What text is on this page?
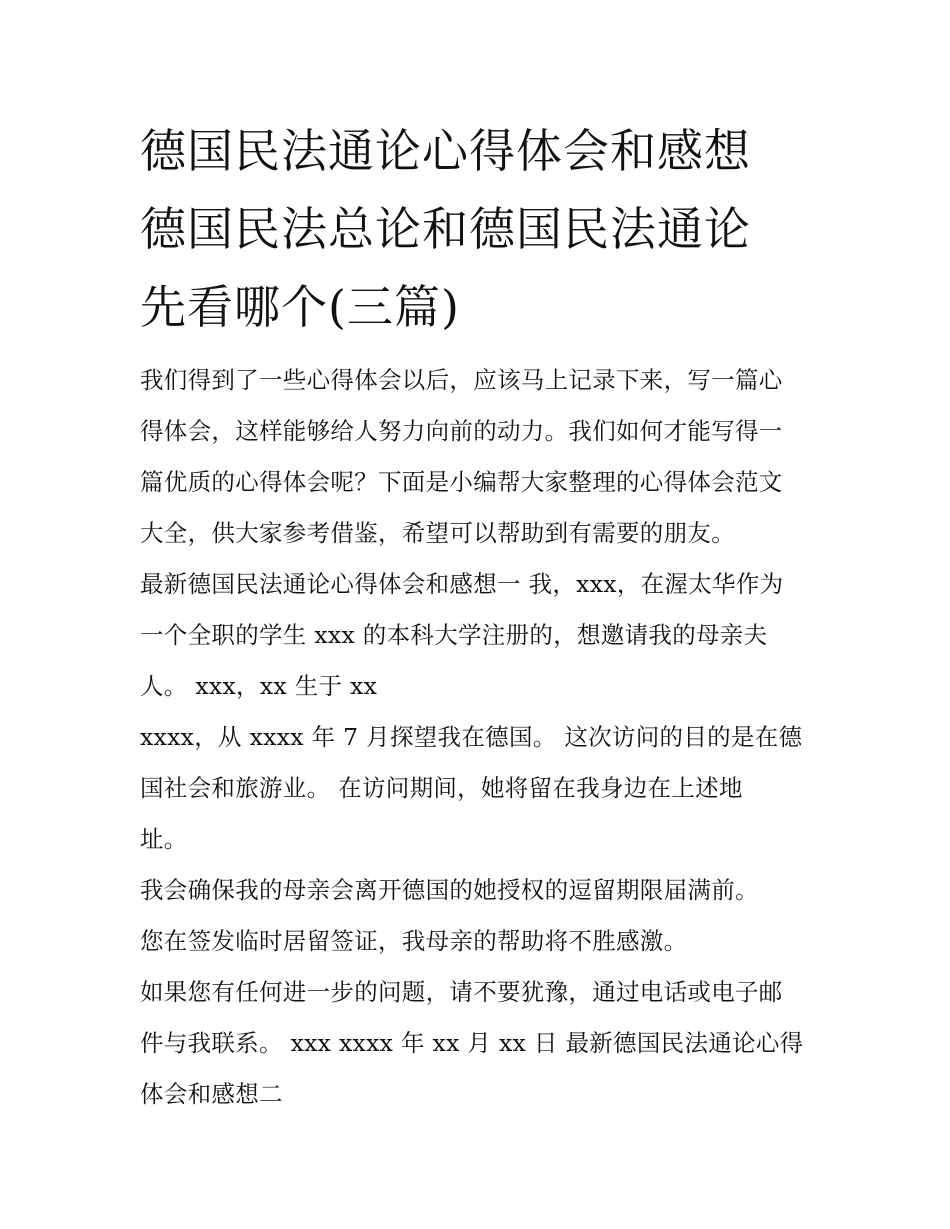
德国民法通论心得体会和感想
德国民法总论和德国民法通论
先看哪个(三篇)
我们得到了一些心得体会以后，应该马上记录下来，写一篇心
得体会，这样能够给人努力向前的动力。我们如何才能写得一
篇优质的心得体会呢？下面是小编帮大家整理的心得体会范文
大全，供大家参考借鉴，希望可以帮助到有需要的朋友。
最新德国民法通论心得体会和感想一 我，xxx，在渥太华作为
一个全职的学生 xxx 的本科大学注册的，想邀请我的母亲夫
人。 xxx，xx 生于 xx
xxxx，从 xxxx 年 7 月探望我在德国。 这次访问的目的是在德
国社会和旅游业。 在访问期间，她将留在我身边在上述地
址。
我会确保我的母亲会离开德国的她授权的逗留期限届满前。
您在签发临时居留签证，我母亲的帮助将不胜感激。
如果您有任何进一步的问题，请不要犹豫，通过电话或电子邮
件与我联系。 xxx xxxx 年 xx 月 xx 日 最新德国民法通论心得
体会和感想二
